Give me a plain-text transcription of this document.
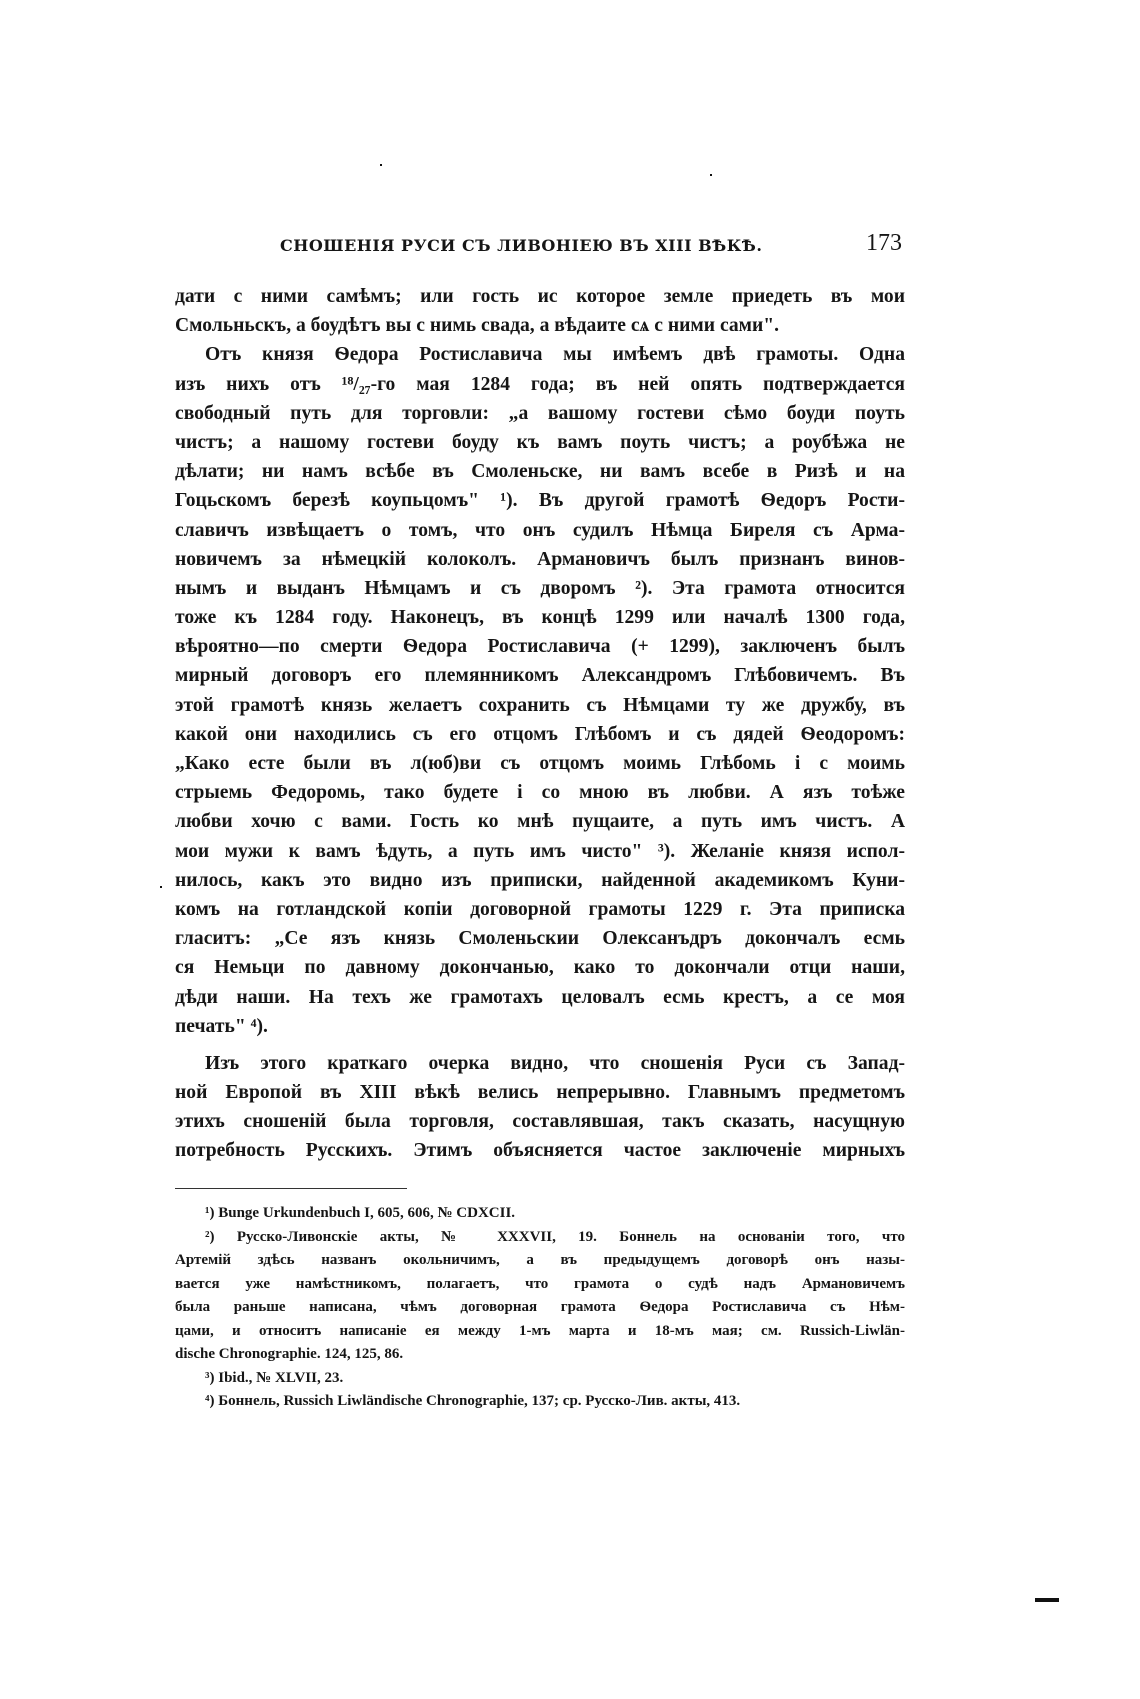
СНОШЕНІЯ РУСИ СЪ ЛИВОНІЕЮ ВЪ XIII ВѢКѢ.	173
дати с ними самѣмъ; или гость ис которое земле приедеть въ мои
Смольньскъ, а боудѣтъ вы с нимь свада, а вѣдаите сѧ с ними сами".
Отъ князя Ѳедора Ростиславича мы имѣемъ двѣ грамоты. Одна
изъ нихъ отъ ¹⁸/₂₇-го мая 1284 года; въ ней опять подтверждается
свободный путь для торговли: „а вашому гостеви сѣмо боуди поуть
чистъ; а нашому гостеви боуду къ вамъ поуть чистъ; а роубѣжа не
дѣлати; ни намъ всѣбе въ Смоленьске, ни вамъ всебе в Ризѣ и на
Гоцьскомъ березѣ коупьцомъ" ¹). Въ другой грамотѣ Ѳедоръ Рости-
славичъ извѣщаетъ о томъ, что онъ судилъ Нѣмца Биреля съ Арма-
новичемъ за нѣмецкій колоколъ. Армановичъ былъ признанъ винов-
нымъ и выданъ Нѣмцамъ и съ дворомъ ²). Эта грамота относится
тоже къ 1284 году. Наконецъ, въ концѣ 1299 или началѣ 1300 года,
вѣроятно—по смерти Ѳедора Ростиславича (+ 1299), заключенъ былъ
мирный договоръ его племянникомъ Александромъ Глѣбовичемъ. Въ
этой грамотѣ князь желаетъ сохранить съ Нѣмцами ту же дружбу, въ
какой они находились съ его отцомъ Глѣбомъ и съ дядей Ѳеодоромъ:
„Како есте были въ л(юб)ви съ отцомъ моимь Глѣбомь і с моимь
стрыемь Федоромь, тако будете і со мною въ любви. А язъ тоѣже
любви хочю с вами. Гость ко мнѣ пущаите, а путь имъ чистъ. А
мои мужи к вамъ ѣдуть, а путь имъ чисто" ³). Желаніе князя испол-
нилось, какъ это видно изъ приписки, найденной академикомъ Куни-
комъ на готландской копіи договорной грамоты 1229 г. Эта приписка
гласитъ: „Се язъ князь Смоленьскии Олексанъдръ докончалъ есмь
ся Немьци по давному докончанью, како то докончали отци наши,
дѣди наши. На техъ же грамотахъ целовалъ есмь крестъ, а се моя
печать" ⁴).
Изъ этого краткаго очерка видно, что сношенія Руси съ Запад-
ной Европой въ XIII вѣкѣ велись непрерывно. Главнымъ предметомъ
этихъ сношеній была торговля, составлявшая, такъ сказать, насущную
потребность Русскихъ. Этимъ объясняется частое заключеніе мирныхъ
¹) Bunge Urkundenbuch I, 605, 606, № CDXCII.
²) Русско-Ливонскіе акты, № XXXVII, 19. Боннель на основаніи того, что
Артемій здѣсь названъ окольничимъ, а въ предыдущемъ договорѣ онъ назы-
вается уже намѣстникомъ, полагаетъ, что грамота о судѣ надъ Армановичемъ
была раньше написана, чѣмъ договорная грамота Ѳедора Ростиславича съ Нѣм-
цами, и относитъ написаніе ея между 1-мъ марта и 18-мъ мая; см. Russich-Liwlän-
dische Chronographie. 124, 125, 86.
³) Ibid., № XLVII, 23.
⁴) Боннель, Russich Liwländische Chronographie, 137; ср. Русско-Лив. акты, 413.
